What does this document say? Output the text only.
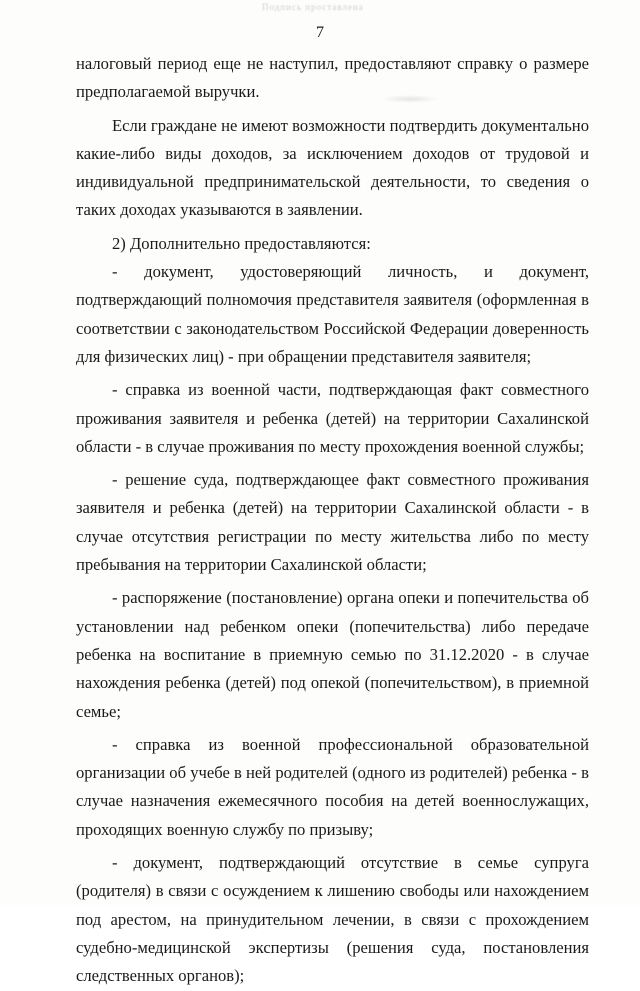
Подпись проставлена
7

налоговый период еще не наступил, предоставляют справку о размере предполагаемой выручки.

Если граждане не имеют возможности подтвердить документально какие-либо виды доходов, за исключением доходов от трудовой и индивидуальной предпринимательской деятельности, то сведения о таких доходах указываются в заявлении.

2) Дополнительно предоставляются:

- документ, удостоверяющий личность, и документ, подтверждающий полномочия представителя заявителя (оформленная в соответствии с законодательством Российской Федерации доверенность для физических лиц) - при обращении представителя заявителя;

- справка из военной части, подтверждающая факт совместного проживания заявителя и ребенка (детей) на территории Сахалинской области - в случае проживания по месту прохождения военной службы;

- решение суда, подтверждающее факт совместного проживания заявителя и ребенка (детей) на территории Сахалинской области - в случае отсутствия регистрации по месту жительства либо по месту пребывания на территории Сахалинской области;

- распоряжение (постановление) органа опеки и попечительства об установлении над ребенком опеки (попечительства) либо передаче ребенка на воспитание в приемную семью по 31.12.2020 - в случае нахождения ребенка (детей) под опекой (попечительством), в приемной семье;

- справка из военной профессиональной образовательной организации об учебе в ней родителей (одного из родителей) ребенка - в случае назначения ежемесячного пособия на детей военнослужащих, проходящих военную службу по призыву;

- документ, подтверждающий отсутствие в семье супруга (родителя) в связи с осуждением к лишению свободы или нахождением под арестом, на принудительном лечении, в связи с прохождением судебно-медицинской экспертизы (решения суда, постановления следственных органов);
